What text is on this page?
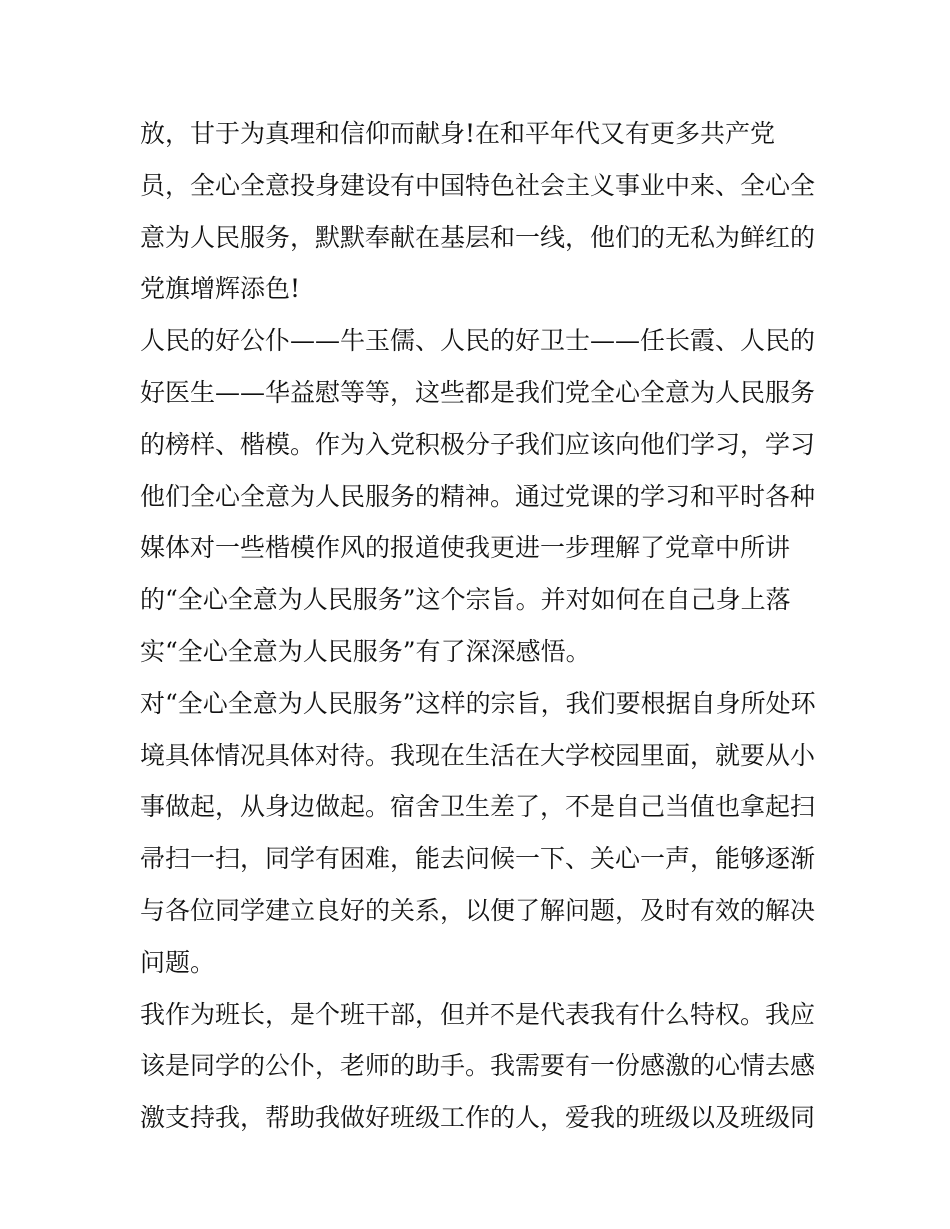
放，甘于为真理和信仰而献身!在和平年代又有更多共产党
员，全心全意投身建设有中国特色社会主义事业中来、全心全
意为人民服务，默默奉献在基层和一线，他们的无私为鲜红的
党旗增辉添色!
人民的好公仆——牛玉儒、人民的好卫士——任长霞、人民的
好医生——华益慰等等，这些都是我们党全心全意为人民服务
的榜样、楷模。作为入党积极分子我们应该向他们学习，学习
他们全心全意为人民服务的精神。通过党课的学习和平时各种
媒体对一些楷模作风的报道使我更进一步理解了党章中所讲
的“全心全意为人民服务”这个宗旨。并对如何在自己身上落
实“全心全意为人民服务”有了深深感悟。
对“全心全意为人民服务”这样的宗旨，我们要根据自身所处环
境具体情况具体对待。我现在生活在大学校园里面，就要从小
事做起，从身边做起。宿舍卫生差了，不是自己当值也拿起扫
帚扫一扫，同学有困难，能去问候一下、关心一声，能够逐渐
与各位同学建立良好的关系，以便了解问题，及时有效的解决
问题。
我作为班长，是个班干部，但并不是代表我有什么特权。我应
该是同学的公仆，老师的助手。我需要有一份感激的心情去感
激支持我，帮助我做好班级工作的人，爱我的班级以及班级同
